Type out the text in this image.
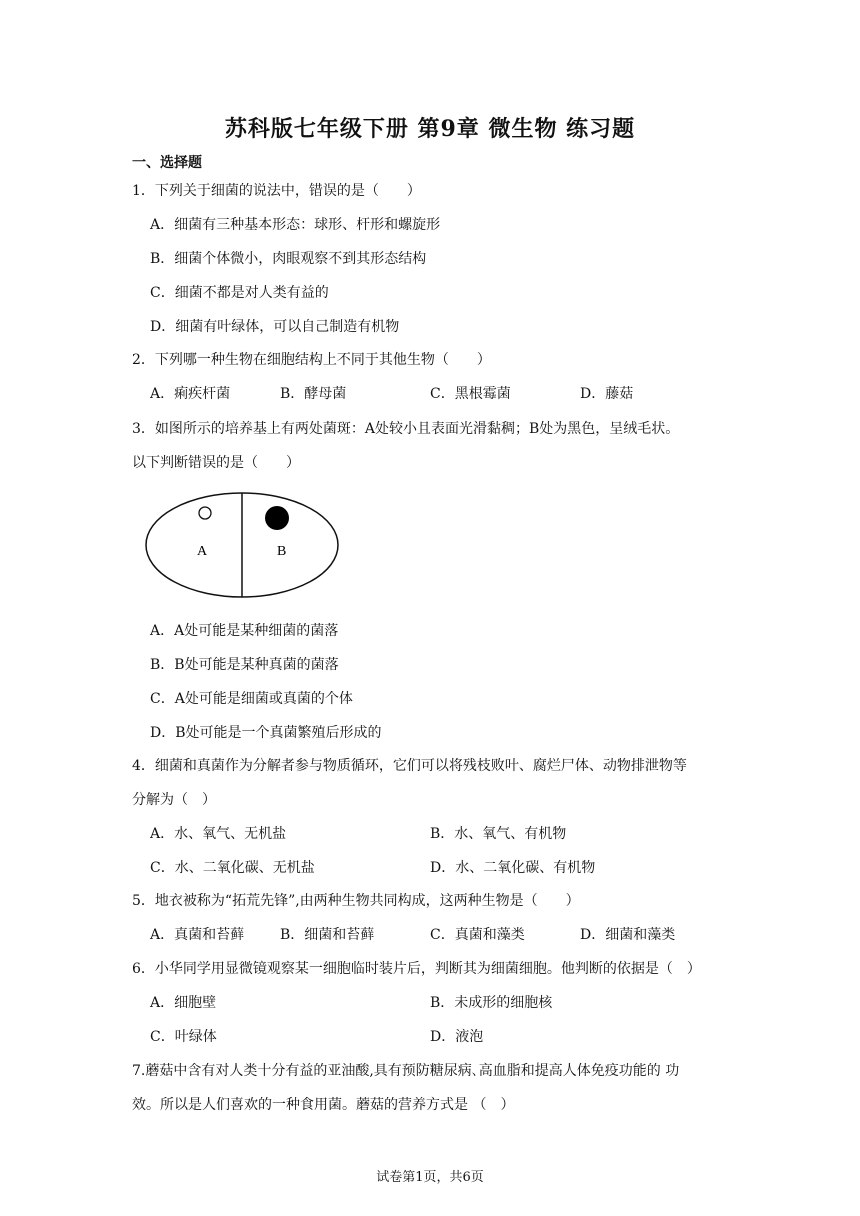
苏科版七年级下册 第9章 微生物 练习题
一、选择题
1．下列关于细菌的说法中，错误的是（　　）
A．细菌有三种基本形态：球形、杆形和螺旋形
B．细菌个体微小，肉眼观察不到其形态结构
C．细菌不都是对人类有益的
D．细菌有叶绿体，可以自己制造有机物
2．下列哪一种生物在细胞结构上不同于其他生物（　　）
A．痢疾杆菌	B．酵母菌	C．黑根霉菌	D．藤菇
3．如图所示的培养基上有两处菌斑：A处较小且表面光滑黏稠；B处为黑色，呈绒毛状。
以下判断错误的是（　　）
A	B
A．A处可能是某种细菌的菌落
B．B处可能是某种真菌的菌落
C．A处可能是细菌或真菌的个体
D．B处可能是一个真菌繁殖后形成的
4．细菌和真菌作为分解者参与物质循环，它们可以将残枝败叶、腐烂尸体、动物排泄物等
分解为（　）
A．水、氧气、无机盐	B．水、氧气、有机物
C．水、二氧化碳、无机盐	D．水、二氧化碳、有机物
5．地衣被称为“拓荒先锋”,由两种生物共同构成，这两种生物是（　　）
A．真菌和苔藓	B．细菌和苔藓	C．真菌和藻类	D．细菌和藻类
6．小华同学用显微镜观察某一细胞临时装片后，判断其为细菌细胞。他判断的依据是（　）
A．细胞壁	B．未成形的细胞核
C．叶绿体	D．液泡
7.蘑菇中含有对人类十分有益的亚油酸,具有预防糖尿病､高血脂和提高人体免疫功能的 功
效。所以是人们喜欢的一种食用菌。蘑菇的营养方式是 （　）
试卷第1页，共6页
